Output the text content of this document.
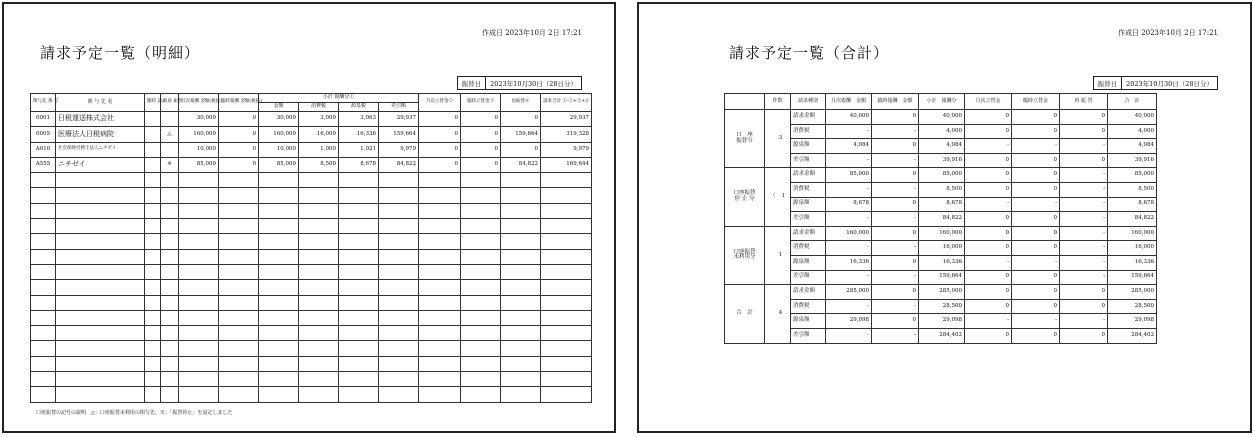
作成日 2023年10月 2日 17:21
請求予定一覧（明細）
振替日	2023年10月30日（28日分）
関与先 番 号	関 与 先 名	随時 請求	口座 振替	月次報酬 金額(税抜)	臨時報酬 金額(税抜)	小計 報酬分①				月次立替金②	臨時立替金③	再振替④	請求合計 ①-②+③+④
						金額	消費税	源泉税	差引額				
0001	日税運送株式会社			30,000	0	30,000	3,000	3,063	29,937	0	0	0	29,937
0005	医療法人日税病院		△	160,000	0	160,000	16,000	16,336	159,664	0	0	159,664	319,328
A010	社会保険労務士法人ニチゼイ			10,000	0	10,000	1,000	1,021	9,979	0	0	0	9,979
A555	ニチゼイ		※	85,000	0	85,000	8,500	8,678	84,822	0	0	84,822	169,644

口座振替の記号の説明　△：口座振替未利用の関与先、※：「振替停止」を設定しました
作成日 2023年10月 2日 17:21
請求予定一覧（合計）
振替日	2023年10月30日（28日分）
	件数	請求種別	月次報酬　金額	臨時報酬　金額	小計　報酬分	月次立替金	臨時立替金	再 振 替	合　計
口　座
振替分	3	請求金額	40,000	0	40,000	0	0	0	40,000
		消費税	-	-	4,000	0	0	0	4,000
		源泉額	4,084	0	4,084	-	-	-	4,084
		差引額	-	-	39,916	0	0	0	39,916
口座振替
停 止 分	（ 1	請求金額	85,000	0	85,000	0	0	-	85,000
		消費税	-	-	8,500	0	0	-	8,500
		源泉額	8,678	0	8,678	-	-	-	8,678
		差引額	-	-	84,822	0	0	-	84,822
口座振替
未利用分	1	請求金額	160,000	0	160,000	0	0	-	160,000
		消費税	-	-	16,000	0	0	-	16,000
		源泉額	16,336	0	16,336	-	-	-	16,336
		差引額	-	-	159,664	0	0	-	159,664
合　計	4	請求金額	285,000	0	285,000	0	0	0	285,000
		消費税	-	-	28,500	0	0	0	28,500
		源泉額	29,098	0	29,098	-	-	-	29,098
		差引額	-	-	284,402	0	0	0	284,402
